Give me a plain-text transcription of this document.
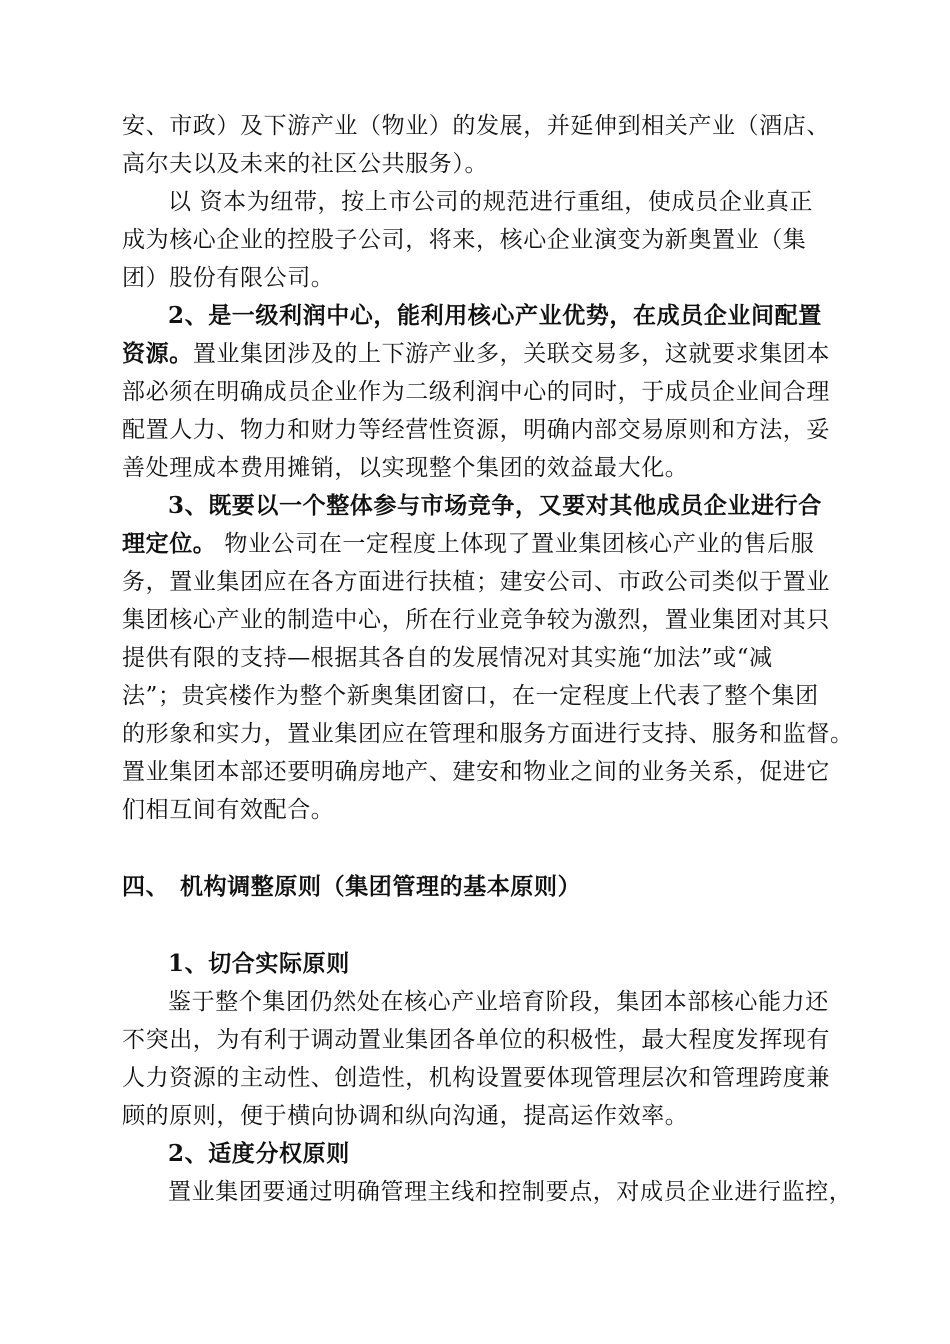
安、市政）及下游产业（物业）的发展，并延伸到相关产业（酒店、
高尔夫以及未来的社区公共服务）。
以 资本为纽带，按上市公司的规范进行重组，使成员企业真正
成为核心企业的控股子公司，将来，核心企业演变为新奥置业（集
团）股份有限公司。
2、是一级利润中心，能利用核心产业优势，在成员企业间配置
资源。置业集团涉及的上下游产业多，关联交易多，这就要求集团本
部必须在明确成员企业作为二级利润中心的同时，于成员企业间合理
配置人力、物力和财力等经营性资源，明确内部交易原则和方法，妥
善处理成本费用摊销，以实现整个集团的效益最大化。
3、既要以一个整体参与市场竞争，又要对其他成员企业进行合
理定位。 物业公司在一定程度上体现了置业集团核心产业的售后服
务，置业集团应在各方面进行扶植；建安公司、市政公司类似于置业
集团核心产业的制造中心，所在行业竞争较为激烈，置业集团对其只
提供有限的支持—根据其各自的发展情况对其实施“加法”或“减
法”；贵宾楼作为整个新奥集团窗口，在一定程度上代表了整个集团
的形象和实力，置业集团应在管理和服务方面进行支持、服务和监督。
置业集团本部还要明确房地产、建安和物业之间的业务关系，促进它
们相互间有效配合。
四、 机构调整原则（集团管理的基本原则）
1、切合实际原则
鉴于整个集团仍然处在核心产业培育阶段，集团本部核心能力还
不突出，为有利于调动置业集团各单位的积极性，最大程度发挥现有
人力资源的主动性、创造性，机构设置要体现管理层次和管理跨度兼
顾的原则，便于横向协调和纵向沟通，提高运作效率。
2、适度分权原则
置业集团要通过明确管理主线和控制要点，对成员企业进行监控，
